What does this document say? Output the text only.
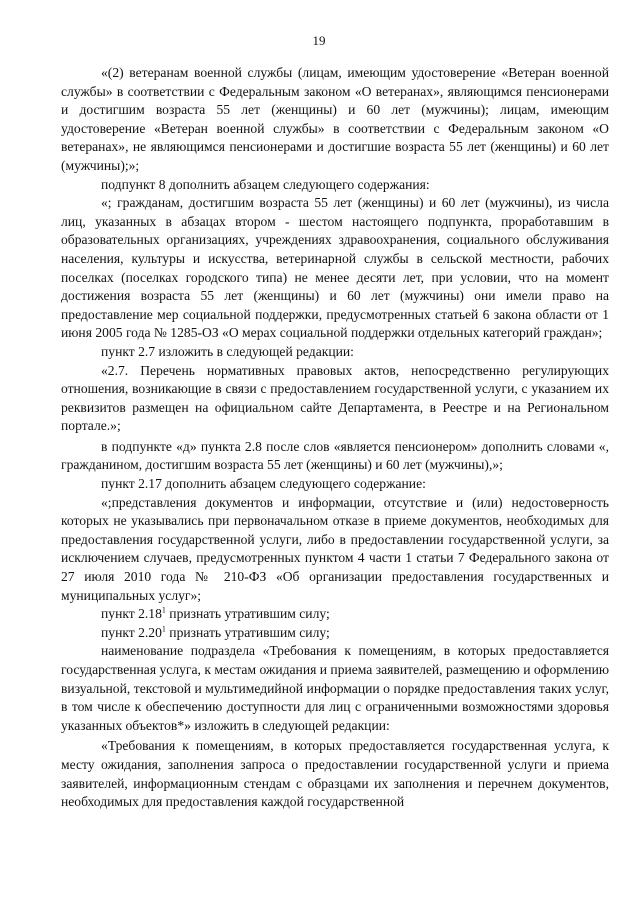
19

«(2) ветеранам военной службы (лицам, имеющим удостоверение «Ветеран военной службы» в соответствии с Федеральным законом «О ветеранах», являющимся пенсионерами и достигшим возраста 55 лет (женщины) и 60 лет (мужчины); лицам, имеющим удостоверение «Ветеран военной службы» в соответствии с Федеральным законом «О ветеранах», не являющимся пенсионерами и достигшие возраста 55 лет (женщины) и 60 лет (мужчины);»;

подпункт 8 дополнить абзацем следующего содержания:

«; гражданам, достигшим возраста 55 лет (женщины) и 60 лет (мужчины), из числа лиц, указанных в абзацах втором - шестом настоящего подпункта, проработавшим в образовательных организациях, учреждениях здравоохранения, социального обслуживания населения, культуры и искусства, ветеринарной службы в сельской местности, рабочих поселках (поселках городского типа) не менее десяти лет, при условии, что на момент достижения возраста 55 лет (женщины) и 60 лет (мужчины) они имели право на предоставление мер социальной поддержки, предусмотренных статьей 6 закона области от 1 июня 2005 года № 1285-ОЗ «О мерах социальной поддержки отдельных категорий граждан»;

пункт 2.7 изложить в следующей редакции:

«2.7. Перечень нормативных правовых актов, непосредственно регулирующих отношения, возникающие в связи с предоставлением государственной услуги, с указанием их реквизитов размещен на официальном сайте Департамента, в Реестре и на Региональном портале.»;

в подпункте «д» пункта 2.8 после слов «является пенсионером» дополнить словами «, гражданином, достигшим возраста 55 лет (женщины) и 60 лет (мужчины),»;

пункт 2.17 дополнить абзацем следующего содержание:

«;представления документов и информации, отсутствие и (или) недостоверность которых не указывались при первоначальном отказе в приеме документов, необходимых для предоставления государственной услуги, либо в предоставлении государственной услуги, за исключением случаев, предусмотренных пунктом 4 части 1 статьи 7 Федерального закона от 27 июля 2010 года № 210-ФЗ «Об организации предоставления государственных и муниципальных услуг»;

пункт 2.18$^1$ признать утратившим силу;

пункт 2.20$^1$ признать утратившим силу;

наименование подраздела «Требования к помещениям, в которых предоставляется государственная услуга, к местам ожидания и приема заявителей, размещению и оформлению визуальной, текстовой и мультимедийной информации о порядке предоставления таких услуг, в том числе к обеспечению доступности для лиц с ограниченными возможностями здоровья указанных объектов*» изложить в следующей редакции:

«Требования к помещениям, в которых предоставляется государственная услуга, к месту ожидания, заполнения запроса о предоставлении государственной услуги и приема заявителей, информационным стендам с образцами их заполнения и перечнем документов, необходимых для предоставления каждой государственной
